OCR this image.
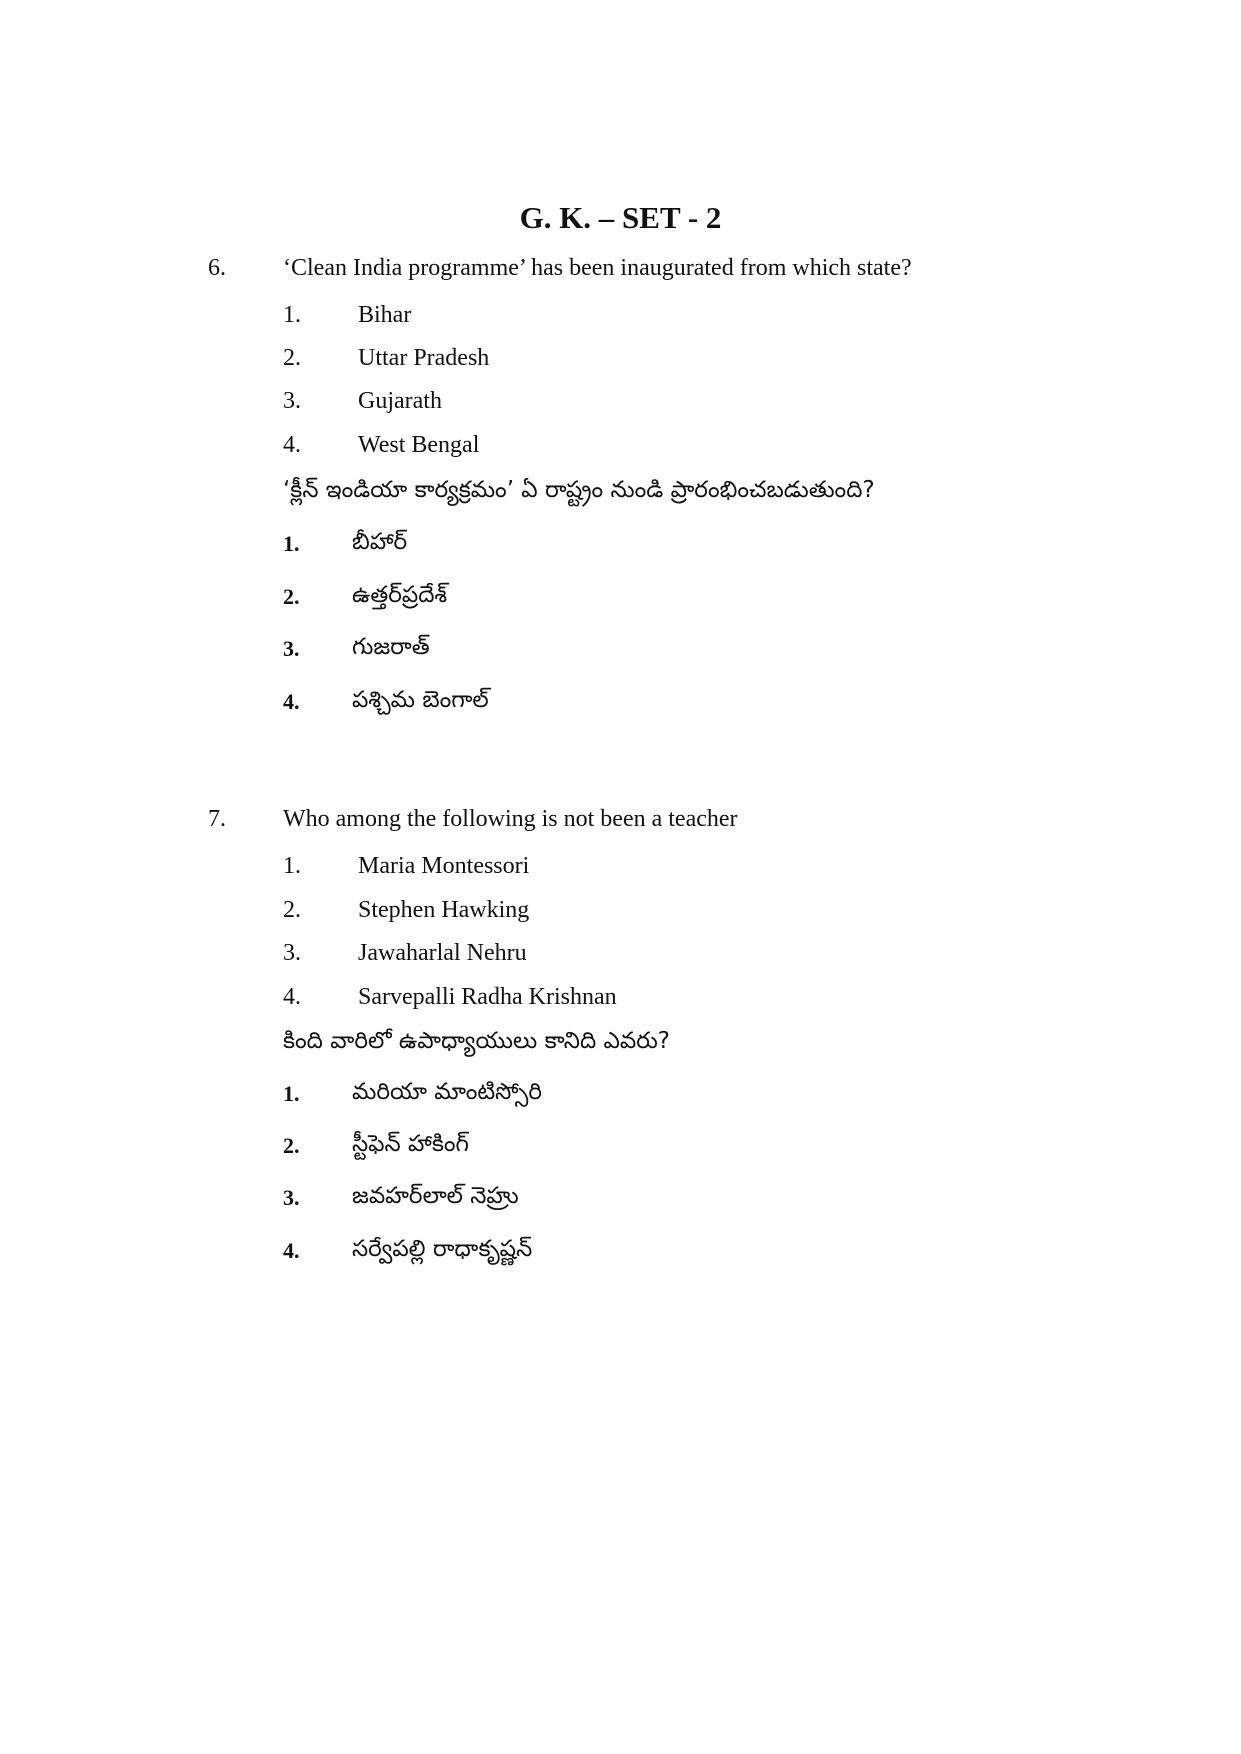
G. K. – SET - 2
6. ‘Clean India programme’ has been inaugurated from which state?
1. Bihar
2. Uttar Pradesh
3. Gujarath
4. West Bengal
‘క్లీన్ ఇండియా కార్యక్రమం’ ఏ రాష్ట్రం నుండి ప్రారంభించబడుతుంది?
1. బీహార్
2. ఉత్తర్‌ప్రదేశ్
3. గుజరాత్
4. పశ్చిమ బెంగాల్
7. Who among the following is not been a teacher
1. Maria Montessori
2. Stephen Hawking
3. Jawaharlal Nehru
4. Sarvepalli Radha Krishnan
కింది వారిలో ఉపాధ్యాయులు కానిది ఎవరు?
1. మరియా మాంటిస్సోరి
2. స్టీఫెన్ హాకింగ్
3. జవహర్‌లాల్ నెహ్రు
4. సర్వేపల్లి రాధాకృష్ణన్
